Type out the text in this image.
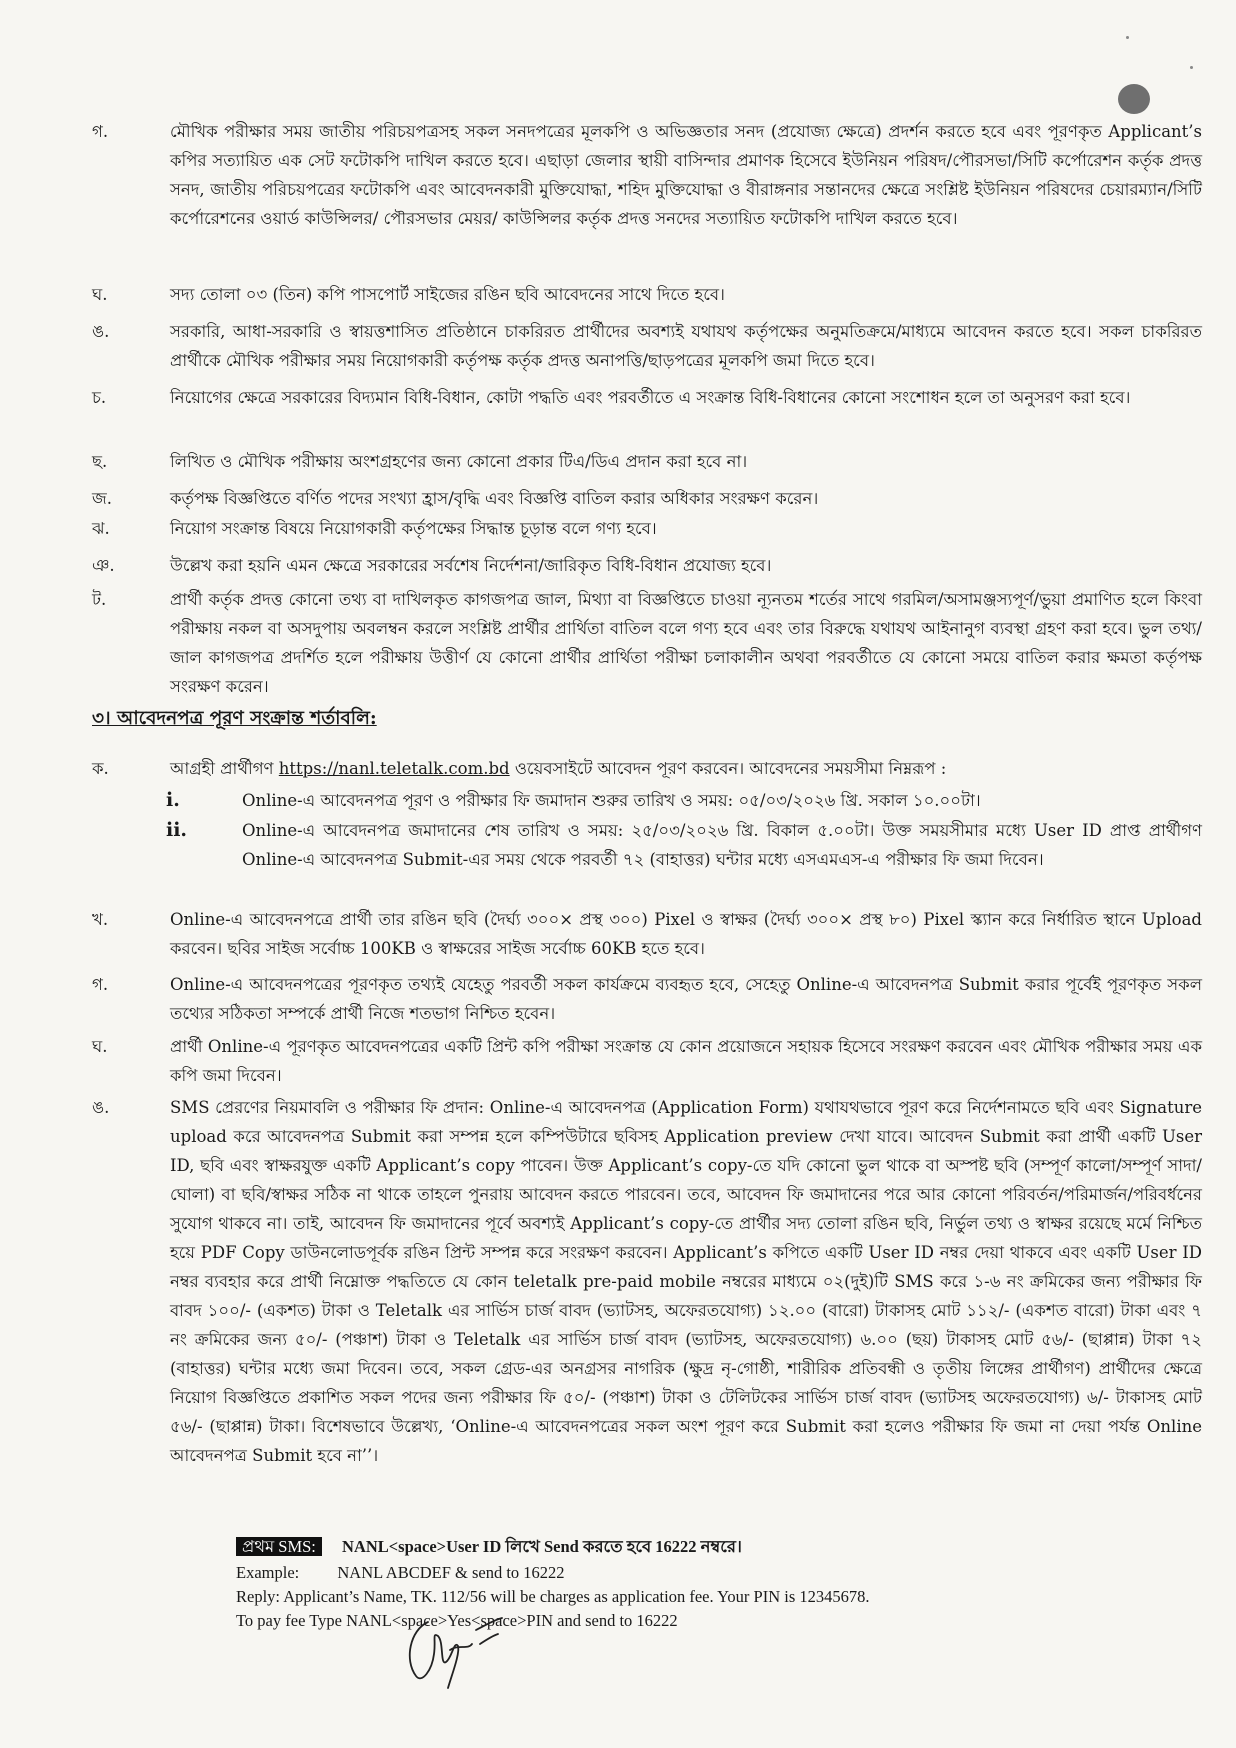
গ.	মৌখিক পরীক্ষার সময় জাতীয় পরিচয়পত্রসহ সকল সনদপত্রের মূলকপি ও অভিজ্ঞতার সনদ (প্রযোজ্য ক্ষেত্রে) প্রদর্শন করতে হবে এবং পূরণকৃত Applicant’s কপির সত্যায়িত এক সেট ফটোকপি দাখিল করতে হবে। এছাড়া জেলার স্থায়ী বাসিন্দার প্রমাণক হিসেবে ইউনিয়ন পরিষদ/পৌরসভা/সিটি কর্পোরেশন কর্তৃক প্রদত্ত সনদ, জাতীয় পরিচয়পত্রের ফটোকপি এবং আবেদনকারী মুক্তিযোদ্ধা, শহিদ মুক্তিযোদ্ধা ও বীরাঙ্গনার সন্তানদের ক্ষেত্রে সংশ্লিষ্ট ইউনিয়ন পরিষদের চেয়ারম্যান/সিটি কর্পোরেশনের ওয়ার্ড কাউন্সিলর/ পৌরসভার মেয়র/ কাউন্সিলর কর্তৃক প্রদত্ত সনদের সত্যায়িত ফটোকপি দাখিল করতে হবে।
ঘ.	সদ্য তোলা ০৩ (তিন) কপি পাসপোর্ট সাইজের রঙিন ছবি আবেদনের সাথে দিতে হবে।
ঙ.	সরকারি, আধা-সরকারি ও স্বায়ত্তশাসিত প্রতিষ্ঠানে চাকরিরত প্রার্থীদের অবশ্যই যথাযথ কর্তৃপক্ষের অনুমতিক্রমে/মাধ্যমে আবেদন করতে হবে। সকল চাকরিরত প্রার্থীকে মৌখিক পরীক্ষার সময় নিয়োগকারী কর্তৃপক্ষ কর্তৃক প্রদত্ত অনাপত্তি/ছাড়পত্রের মূলকপি জমা দিতে হবে।
চ.	নিয়োগের ক্ষেত্রে সরকারের বিদ্যমান বিধি-বিধান, কোটা পদ্ধতি এবং পরবর্তীতে এ সংক্রান্ত বিধি-বিধানের কোনো সংশোধন হলে তা অনুসরণ করা হবে।
ছ.	লিখিত ও মৌখিক পরীক্ষায় অংশগ্রহণের জন্য কোনো প্রকার টিএ/ডিএ প্রদান করা হবে না।
জ.	কর্তৃপক্ষ বিজ্ঞপ্তিতে বর্ণিত পদের সংখ্যা হ্রাস/বৃদ্ধি এবং বিজ্ঞপ্তি বাতিল করার অধিকার সংরক্ষণ করেন।
ঝ.	নিয়োগ সংক্রান্ত বিষয়ে নিয়োগকারী কর্তৃপক্ষের সিদ্ধান্ত চূড়ান্ত বলে গণ্য হবে।
ঞ.	উল্লেখ করা হয়নি এমন ক্ষেত্রে সরকারের সর্বশেষ নির্দেশনা/জারিকৃত বিধি-বিধান প্রযোজ্য হবে।
ট.	প্রার্থী কর্তৃক প্রদত্ত কোনো তথ্য বা দাখিলকৃত কাগজপত্র জাল, মিথ্যা বা বিজ্ঞপ্তিতে চাওয়া ন্যূনতম শর্তের সাথে গরমিল/অসামঞ্জস্যপূর্ণ/ভুয়া প্রমাণিত হলে কিংবা পরীক্ষায় নকল বা অসদুপায় অবলম্বন করলে সংশ্লিষ্ট প্রার্থীর প্রার্থিতা বাতিল বলে গণ্য হবে এবং তার বিরুদ্ধে যথাযথ আইনানুগ ব্যবস্থা গ্রহণ করা হবে। ভুল তথ্য/জাল কাগজপত্র প্রদর্শিত হলে পরীক্ষায় উত্তীর্ণ যে কোনো প্রার্থীর প্রার্থিতা পরীক্ষা চলাকালীন অথবা পরবর্তীতে যে কোনো সময়ে বাতিল করার ক্ষমতা কর্তৃপক্ষ সংরক্ষণ করেন।
৩। আবেদনপত্র পূরণ সংক্রান্ত শর্তাবলি:
ক.	আগ্রহী প্রার্থীগণ https://nanl.teletalk.com.bd ওয়েবসাইটে আবেদন পূরণ করবেন। আবেদনের সময়সীমা নিম্নরূপ :
i.	Online-এ আবেদনপত্র পূরণ ও পরীক্ষার ফি জমাদান শুরুর তারিখ ও সময়: ০৫/০৩/২০২৬ খ্রি. সকাল ১০.০০টা।
ii.	Online-এ আবেদনপত্র জমাদানের শেষ তারিখ ও সময়: ২৫/০৩/২০২৬ খ্রি. বিকাল ৫.০০টা। উক্ত সময়সীমার মধ্যে User ID প্রাপ্ত প্রার্থীগণ Online-এ আবেদনপত্র Submit-এর সময় থেকে পরবর্তী ৭২ (বাহাত্তর) ঘন্টার মধ্যে এসএমএস-এ পরীক্ষার ফি জমা দিবেন।
খ.	Online-এ আবেদনপত্রে প্রার্থী তার রঙিন ছবি (দৈর্ঘ্য ৩০০× প্রস্থ ৩০০) Pixel ও স্বাক্ষর (দৈর্ঘ্য ৩০০× প্রস্থ ৮০) Pixel স্ক্যান করে নির্ধারিত স্থানে Upload করবেন। ছবির সাইজ সর্বোচ্চ 100KB ও স্বাক্ষরের সাইজ সর্বোচ্চ 60KB হতে হবে।
গ.	Online-এ আবেদনপত্রের পূরণকৃত তথ্যই যেহেতু পরবর্তী সকল কার্যক্রমে ব্যবহৃত হবে, সেহেতু Online-এ আবেদনপত্র Submit করার পূর্বেই পূরণকৃত সকল তথ্যের সঠিকতা সম্পর্কে প্রার্থী নিজে শতভাগ নিশ্চিত হবেন।
ঘ.	প্রার্থী Online-এ পূরণকৃত আবেদনপত্রের একটি প্রিন্ট কপি পরীক্ষা সংক্রান্ত যে কোন প্রয়োজনে সহায়ক হিসেবে সংরক্ষণ করবেন এবং মৌখিক পরীক্ষার সময় এক কপি জমা দিবেন।
ঙ.	SMS প্রেরণের নিয়মাবলি ও পরীক্ষার ফি প্রদান: Online-এ আবেদনপত্র (Application Form) যথাযথভাবে পূরণ করে নির্দেশনামতে ছবি এবং Signature upload করে আবেদনপত্র Submit করা সম্পন্ন হলে কম্পিউটারে ছবিসহ Application preview দেখা যাবে। আবেদন Submit করা প্রার্থী একটি User ID, ছবি এবং স্বাক্ষরযুক্ত একটি Applicant’s copy পাবেন। উক্ত Applicant’s copy-তে যদি কোনো ভুল থাকে বা অস্পষ্ট ছবি (সম্পূর্ণ কালো/সম্পূর্ণ সাদা/ঘোলা) বা ছবি/স্বাক্ষর সঠিক না থাকে তাহলে পুনরায় আবেদন করতে পারবেন। তবে, আবেদন ফি জমাদানের পরে আর কোনো পরিবর্তন/পরিমার্জন/পরিবর্ধনের সুযোগ থাকবে না। তাই, আবেদন ফি জমাদানের পূর্বে অবশ্যই Applicant’s copy-তে প্রার্থীর সদ্য তোলা রঙিন ছবি, নির্ভুল তথ্য ও স্বাক্ষর রয়েছে মর্মে নিশ্চিত হয়ে PDF Copy ডাউনলোডপূর্বক রঙিন প্রিন্ট সম্পন্ন করে সংরক্ষণ করবেন। Applicant’s কপিতে একটি User ID নম্বর দেয়া থাকবে এবং একটি User ID নম্বর ব্যবহার করে প্রার্থী নিম্নোক্ত পদ্ধতিতে যে কোন teletalk pre-paid mobile নম্বরের মাধ্যমে ০২(দুই)টি SMS করে ১-৬ নং ক্রমিকের জন্য পরীক্ষার ফি বাবদ ১০০/- (একশত) টাকা ও Teletalk এর সার্ভিস চার্জ বাবদ (ভ্যাটসহ, অফেরতযোগ্য) ১২.০০ (বারো) টাকাসহ মোট ১১২/- (একশত বারো) টাকা এবং ৭ নং ক্রমিকের জন্য ৫০/- (পঞ্চাশ) টাকা ও Teletalk এর সার্ভিস চার্জ বাবদ (ভ্যাটসহ, অফেরতযোগ্য) ৬.০০ (ছয়) টাকাসহ মোট ৫৬/- (ছাপ্পান্ন) টাকা ৭২ (বাহাত্তর) ঘন্টার মধ্যে জমা দিবেন। তবে, সকল গ্রেড-এর অনগ্রসর নাগরিক (ক্ষুদ্র নৃ-গোষ্ঠী, শারীরিক প্রতিবন্ধী ও তৃতীয় লিঙ্গের প্রার্থীগণ) প্রার্থীদের ক্ষেত্রে নিয়োগ বিজ্ঞপ্তিতে প্রকাশিত সকল পদের জন্য পরীক্ষার ফি ৫০/- (পঞ্চাশ) টাকা ও টেলিটকের সার্ভিস চার্জ বাবদ (ভ্যাটসহ অফেরতযোগ্য) ৬/- টাকাসহ মোট ৫৬/- (ছাপ্পান্ন) টাকা। বিশেষভাবে উল্লেখ্য, ‘Online-এ আবেদনপত্রের সকল অংশ পূরণ করে Submit করা হলেও পরীক্ষার ফি জমা না দেয়া পর্যন্ত Online আবেদনপত্র Submit হবে না’’।
প্রথম SMS: NANL<space>User ID লিখে Send করতে হবে 16222 নম্বরে।
Example: NANL ABCDEF & send to 16222
Reply: Applicant’s Name, TK. 112/56 will be charges as application fee. Your PIN is 12345678.
To pay fee Type NANL<space>Yes<space>PIN and send to 16222
